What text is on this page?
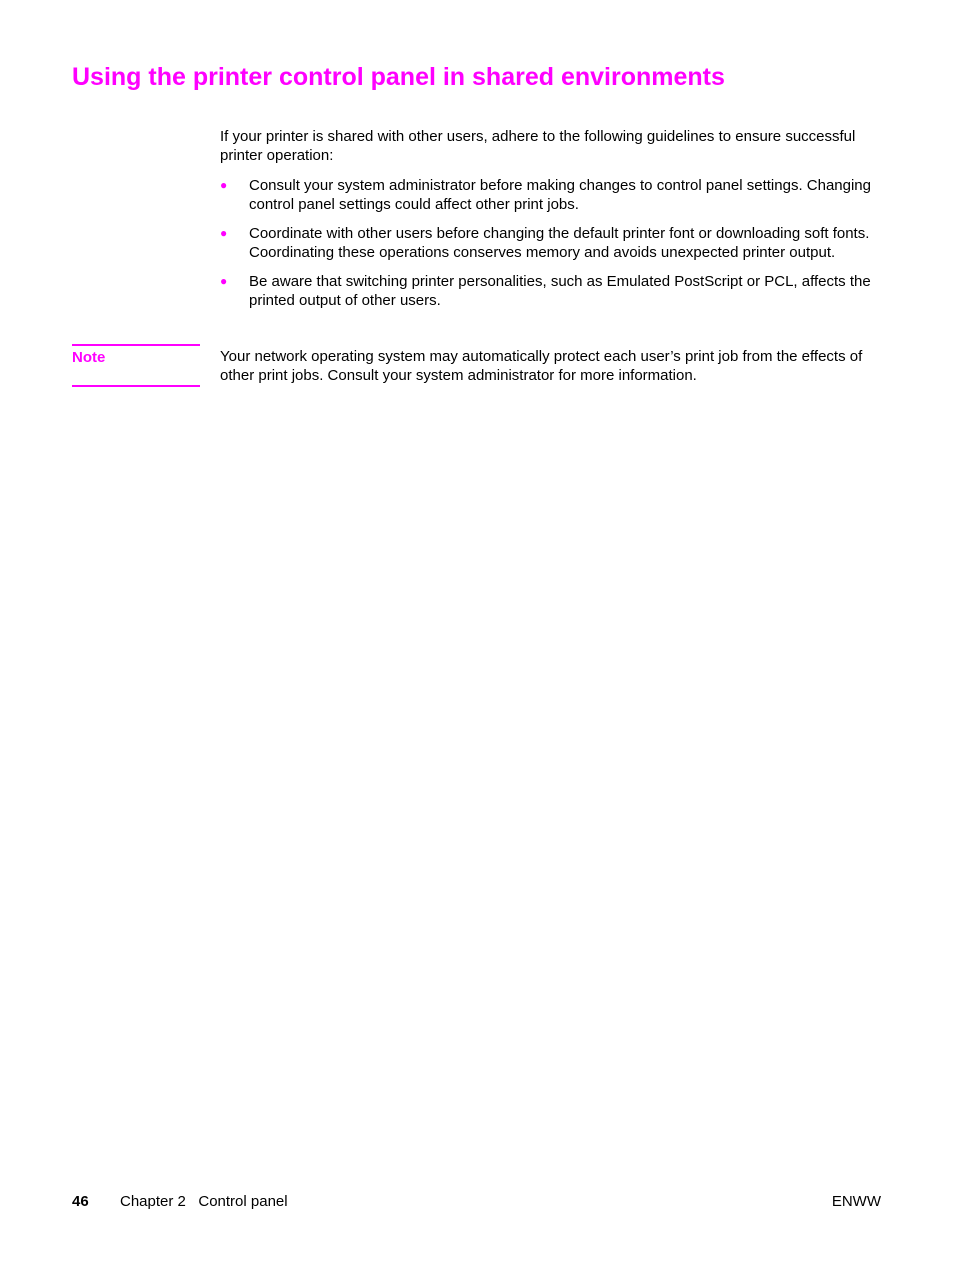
Using the printer control panel in shared environments

If your printer is shared with other users, adhere to the following guidelines to ensure successful printer operation:

● Consult your system administrator before making changes to control panel settings. Changing control panel settings could affect other print jobs.
● Coordinate with other users before changing the default printer font or downloading soft fonts. Coordinating these operations conserves memory and avoids unexpected printer output.
● Be aware that switching printer personalities, such as Emulated PostScript or PCL, affects the printed output of other users.
Note	Your network operating system may automatically protect each user’s print job from the effects of other print jobs. Consult your system administrator for more information.

46 Chapter 2   Control panel	ENWW
